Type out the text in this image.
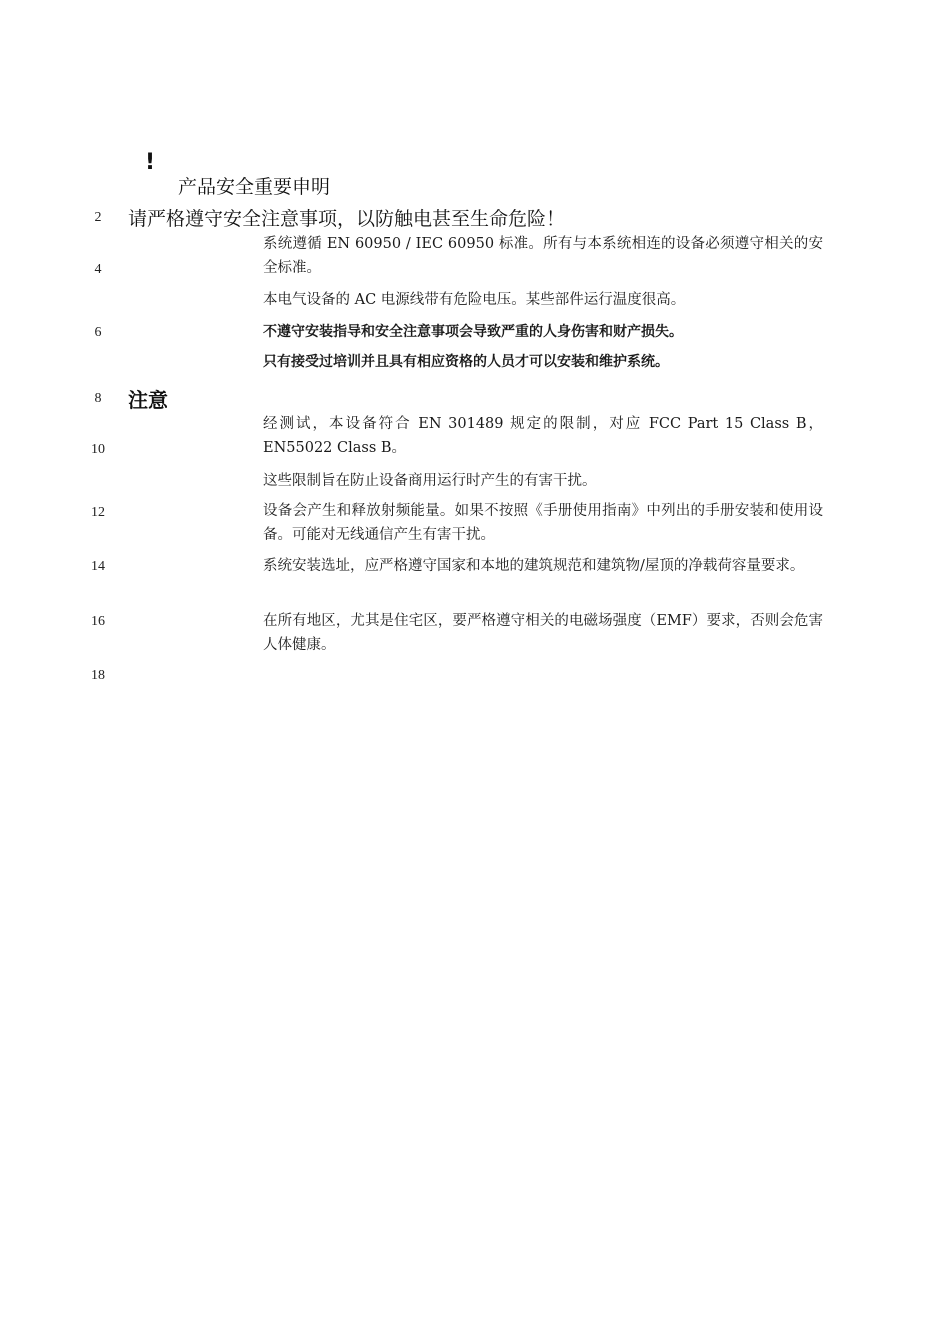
!
产品安全重要申明
2
4
6
8
10
12
14
16
18
请严格遵守安全注意事项，以防触电甚至生命危险！
系统遵循 EN 60950 / IEC 60950 标准。所有与本系统相连的设备必须遵守相关的安全标准。
本电气设备的 AC 电源线带有危险电压。某些部件运行温度很高。
不遵守安装指导和安全注意事项会导致严重的人身伤害和财产损失。
只有接受过培训并且具有相应资格的人员才可以安装和维护系统。
注意
经测试，本设备符合 EN 301489 规定的限制，对应 FCC Part 15 Class B，EN55022 Class B。
这些限制旨在防止设备商用运行时产生的有害干扰。
设备会产生和释放射频能量。如果不按照《手册使用指南》中列出的手册安装和使用设备。可能对无线通信产生有害干扰。
系统安装选址，应严格遵守国家和本地的建筑规范和建筑物/屋顶的净载荷容量要求。
在所有地区，尤其是住宅区，要严格遵守相关的电磁场强度（EMF）要求，否则会危害人体健康。
